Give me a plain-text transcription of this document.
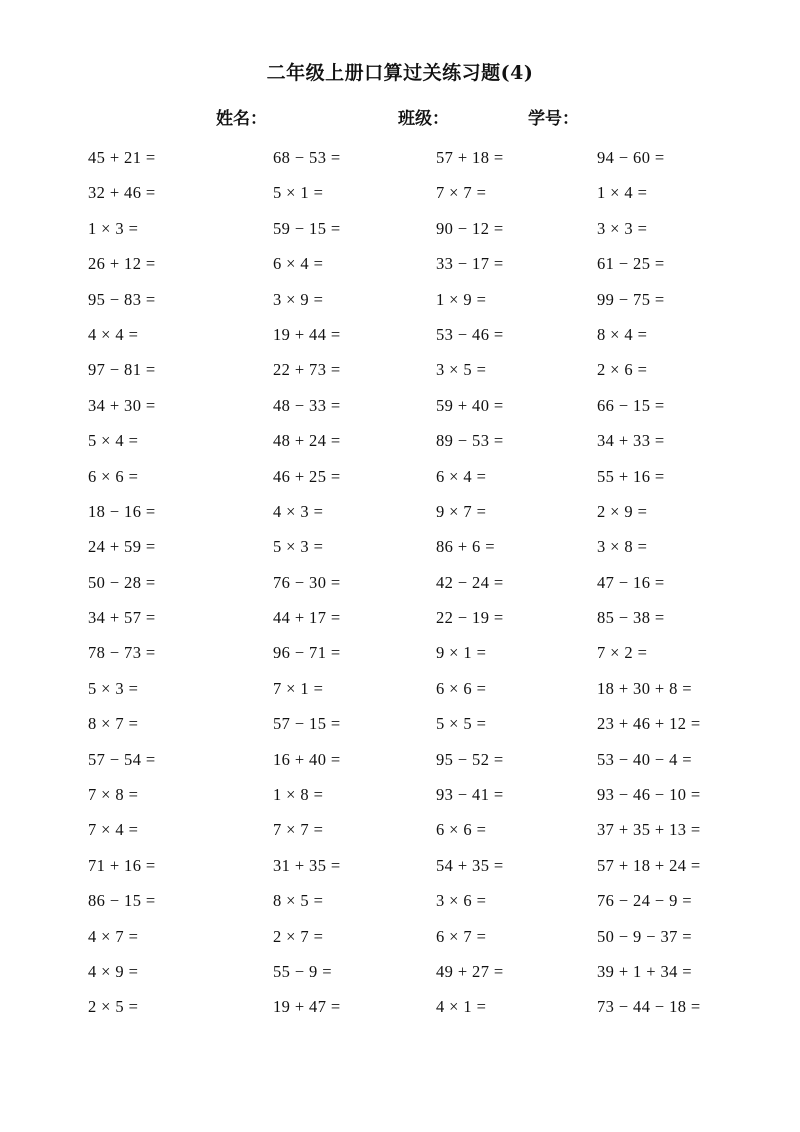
二年级上册口算过关练习题(4)
姓名：	班级：	学号：
45 + 21 =
32 + 46 =
1 × 3 =
26 + 12 =
95 − 83 =
4 × 4 =
97 − 81 =
34 + 30 =
5 × 4 =
6 × 6 =
18 − 16 =
24 + 59 =
50 − 28 =
34 + 57 =
78 − 73 =
5 × 3 =
8 × 7 =
57 − 54 =
7 × 8 =
7 × 4 =
71 + 16 =
86 − 15 =
4 × 7 =
4 × 9 =
2 × 5 =
68 − 53 =
5 × 1 =
59 − 15 =
6 × 4 =
3 × 9 =
19 + 44 =
22 + 73 =
48 − 33 =
48 + 24 =
46 + 25 =
4 × 3 =
5 × 3 =
76 − 30 =
44 + 17 =
96 − 71 =
7 × 1 =
57 − 15 =
16 + 40 =
1 × 8 =
7 × 7 =
31 + 35 =
8 × 5 =
2 × 7 =
55 − 9 =
19 + 47 =
57 + 18 =
7 × 7 =
90 − 12 =
33 − 17 =
1 × 9 =
53 − 46 =
3 × 5 =
59 + 40 =
89 − 53 =
6 × 4 =
9 × 7 =
86 + 6 =
42 − 24 =
22 − 19 =
9 × 1 =
6 × 6 =
5 × 5 =
95 − 52 =
93 − 41 =
6 × 6 =
54 + 35 =
3 × 6 =
6 × 7 =
49 + 27 =
4 × 1 =
94 − 60 =
1 × 4 =
3 × 3 =
61 − 25 =
99 − 75 =
8 × 4 =
2 × 6 =
66 − 15 =
34 + 33 =
55 + 16 =
2 × 9 =
3 × 8 =
47 − 16 =
85 − 38 =
7 × 2 =
18 + 30 + 8 =
23 + 46 + 12 =
53 − 40 − 4 =
93 − 46 − 10 =
37 + 35 + 13 =
57 + 18 + 24 =
76 − 24 − 9 =
50 − 9 − 37 =
39 + 1 + 34 =
73 − 44 − 18 =
